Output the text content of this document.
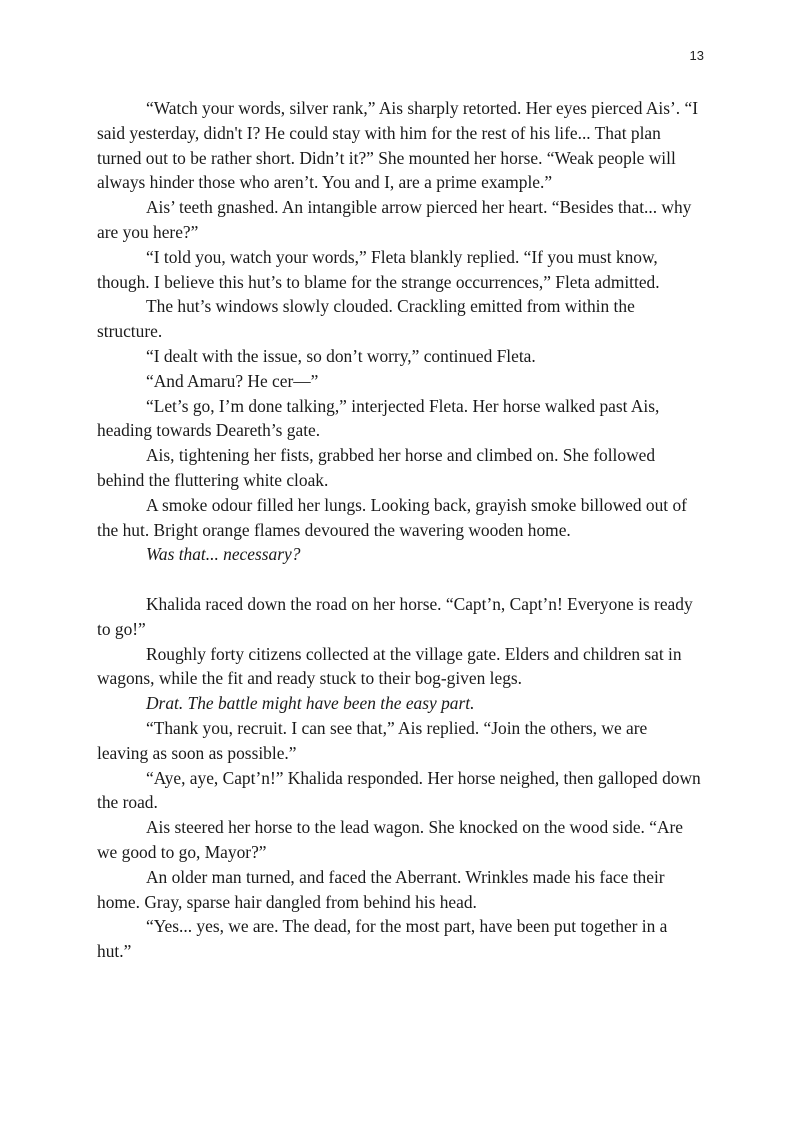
13

“Watch your words, silver rank,” Ais sharply retorted. Her eyes pierced Ais’. “I said yesterday, didn't I? He could stay with him for the rest of his life... That plan turned out to be rather short. Didn’t it?” She mounted her horse. “Weak people will always hinder those who aren’t. You and I, are a prime example.”

Ais’ teeth gnashed. An intangible arrow pierced her heart. “Besides that... why are you here?”

“I told you, watch your words,” Fleta blankly replied. “If you must know, though. I believe this hut’s to blame for the strange occurrences,” Fleta admitted.

The hut’s windows slowly clouded. Crackling emitted from within the structure.

“I dealt with the issue, so don’t worry,” continued Fleta.

“And Amaru? He cer—”

“Let’s go, I’m done talking,” interjected Fleta. Her horse walked past Ais, heading towards Deareth’s gate.

Ais, tightening her fists, grabbed her horse and climbed on. She followed behind the fluttering white cloak.

A smoke odour filled her lungs. Looking back, grayish smoke billowed out of the hut. Bright orange flames devoured the wavering wooden home.

Was that... necessary?

Khalida raced down the road on her horse. “Capt’n, Capt’n! Everyone is ready to go!”

Roughly forty citizens collected at the village gate. Elders and children sat in wagons, while the fit and ready stuck to their bog-given legs.

Drat. The battle might have been the easy part.

“Thank you, recruit. I can see that,” Ais replied. “Join the others, we are leaving as soon as possible.”

“Aye, aye, Capt’n!” Khalida responded. Her horse neighed, then galloped down the road.

Ais steered her horse to the lead wagon. She knocked on the wood side. “Are we good to go, Mayor?”

An older man turned, and faced the Aberrant. Wrinkles made his face their home. Gray, sparse hair dangled from behind his head.

“Yes... yes, we are. The dead, for the most part, have been put together in a hut.”
